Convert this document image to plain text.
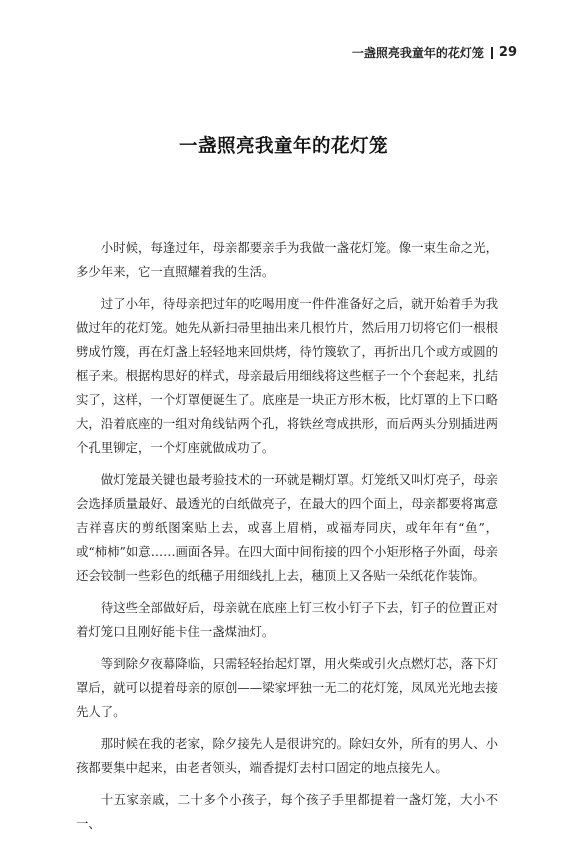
一盏照亮我童年的花灯笼 29
一盏照亮我童年的花灯笼

小时候，每逢过年，母亲都要亲手为我做一盏花灯笼。像一束生命之光，多少年来，它一直照耀着我的生活。

过了小年，待母亲把过年的吃喝用度一件件准备好之后，就开始着手为我做过年的花灯笼。她先从新扫帚里抽出来几根竹片，然后用刀切将它们一根根劈成竹篾，再在灯盏上轻轻地来回烘烤，待竹篾软了，再折出几个或方或圆的框子来。根据构思好的样式，母亲最后用细线将这些框子一个个套起来，扎结实了，这样，一个灯罩便诞生了。底座是一块正方形木板，比灯罩的上下口略大，沿着底座的一组对角线钻两个孔，将铁丝弯成拱形，而后两头分别插进两个孔里铆定，一个灯座就做成功了。

做灯笼最关键也最考验技术的一环就是糊灯罩。灯笼纸又叫灯亮子，母亲会选择质量最好、最透光的白纸做亮子，在最大的四个面上，母亲都要将寓意吉祥喜庆的剪纸图案贴上去，或喜上眉梢，或福寿同庆，或年年有“鱼”，或“柿柿”如意……画面各异。在四大面中间衔接的四个小矩形格子外面，母亲还会铰制一些彩色的纸穗子用细线扎上去，穗顶上又各贴一朵纸花作装饰。

待这些全部做好后，母亲就在底座上钉三枚小钉子下去，钉子的位置正对着灯笼口且刚好能卡住一盏煤油灯。

等到除夕夜幕降临，只需轻轻抬起灯罩，用火柴或引火点燃灯芯，落下灯罩后，就可以提着母亲的原创——梁家坪独一无二的花灯笼，凤凤光光地去接先人了。

那时候在我的老家，除夕接先人是很讲究的。除妇女外，所有的男人、小孩都要集中起来，由老者领头，端香提灯去村口固定的地点接先人。

十五家亲戚，二十多个小孩子，每个孩子手里都提着一盏灯笼，大小不一、
